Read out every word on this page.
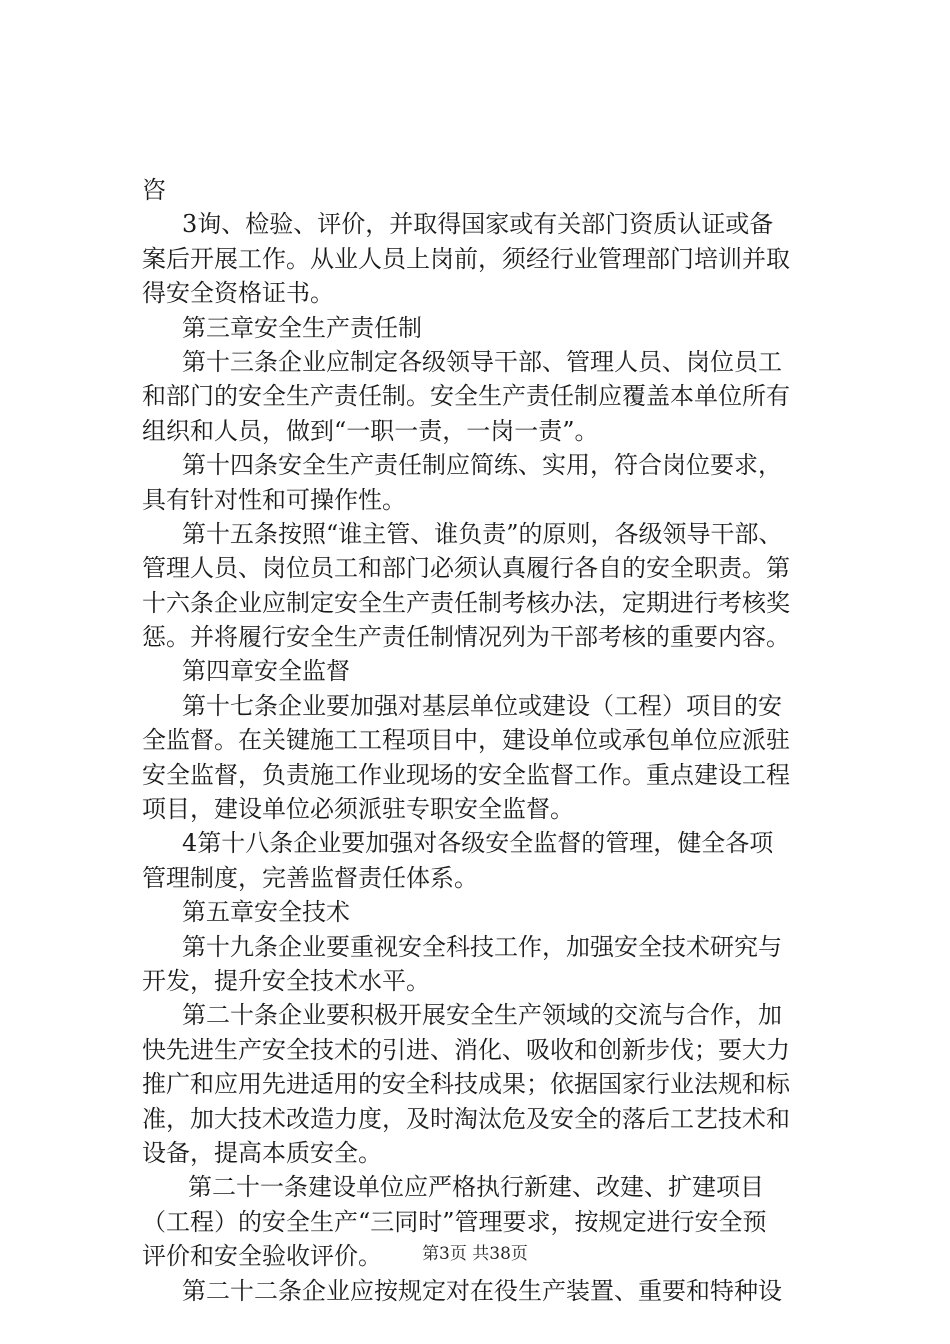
咨
3询、检验、评价，并取得国家或有关部门资质认证或备
案后开展工作。从业人员上岗前，须经行业管理部门培训并取
得安全资格证书。
第三章安全生产责任制
第十三条企业应制定各级领导干部、管理人员、岗位员工
和部门的安全生产责任制。安全生产责任制应覆盖本单位所有
组织和人员，做到“一职一责，一岗一责”。
第十四条安全生产责任制应简练、实用，符合岗位要求，
具有针对性和可操作性。
第十五条按照“谁主管、谁负责”的原则，各级领导干部、
管理人员、岗位员工和部门必须认真履行各自的安全职责。第
十六条企业应制定安全生产责任制考核办法，定期进行考核奖
惩。并将履行安全生产责任制情况列为干部考核的重要内容。
第四章安全监督
第十七条企业要加强对基层单位或建设（工程）项目的安
全监督。在关键施工工程项目中，建设单位或承包单位应派驻
安全监督，负责施工作业现场的安全监督工作。重点建设工程
项目，建设单位必须派驻专职安全监督。
4第十八条企业要加强对各级安全监督的管理，健全各项
管理制度，完善监督责任体系。
第五章安全技术
第十九条企业要重视安全科技工作，加强安全技术研究与
开发，提升安全技术水平。
第二十条企业要积极开展安全生产领域的交流与合作，加
快先进生产安全技术的引进、消化、吸收和创新步伐；要大力
推广和应用先进适用的安全科技成果；依据国家行业法规和标
准，加大技术改造力度，及时淘汰危及安全的落后工艺技术和
设备，提高本质安全。
第二十一条建设单位应严格执行新建、改建、扩建项目
（工程）的安全生产“三同时”管理要求，按规定进行安全预
评价和安全验收评价。
第二十二条企业应按规定对在役生产装置、重要和特种设
第3页 共38页
